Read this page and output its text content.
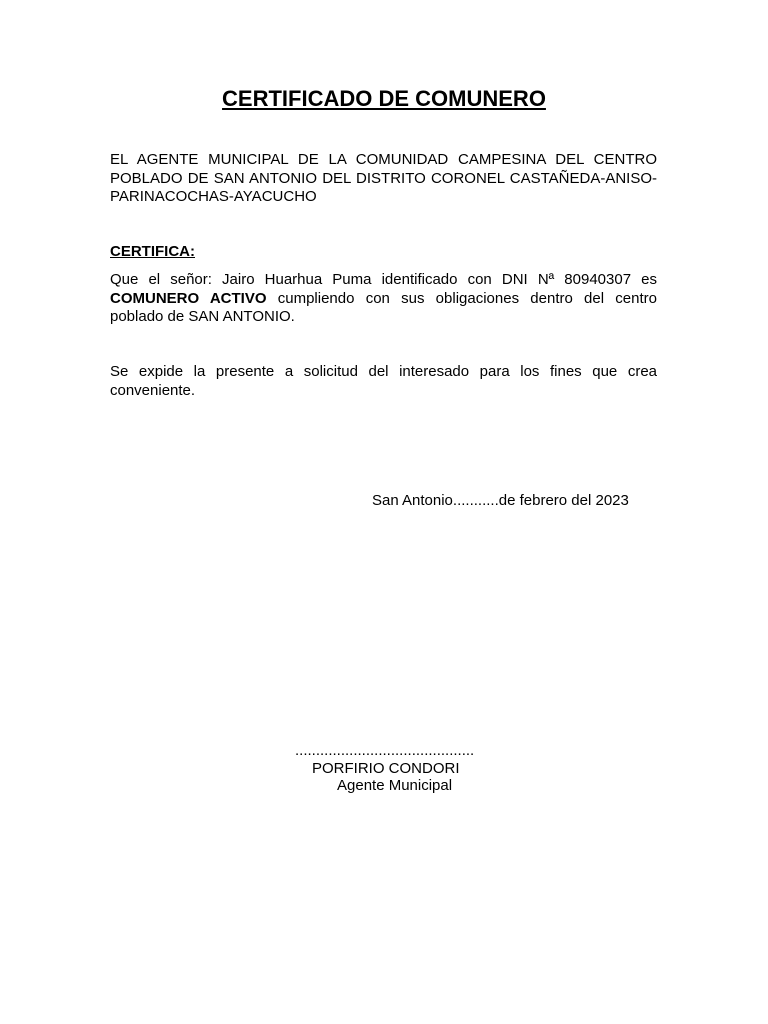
CERTIFICADO DE COMUNERO

EL AGENTE MUNICIPAL DE LA COMUNIDAD CAMPESINA DEL CENTRO POBLADO DE SAN ANTONIO DEL DISTRITO CORONEL CASTAÑEDA-ANISO-PARINACOCHAS-AYACUCHO

CERTIFICA:

Que el señor: Jairo Huarhua Puma identificado con DNI Nª 80940307 es COMUNERO ACTIVO cumpliendo con sus obligaciones dentro del centro poblado de SAN ANTONIO.

Se expide la presente a solicitud del interesado para los fines que crea conveniente.

San Antonio...........de febrero del 2023

...........................................

PORFIRIO CONDORI

Agente Municipal
